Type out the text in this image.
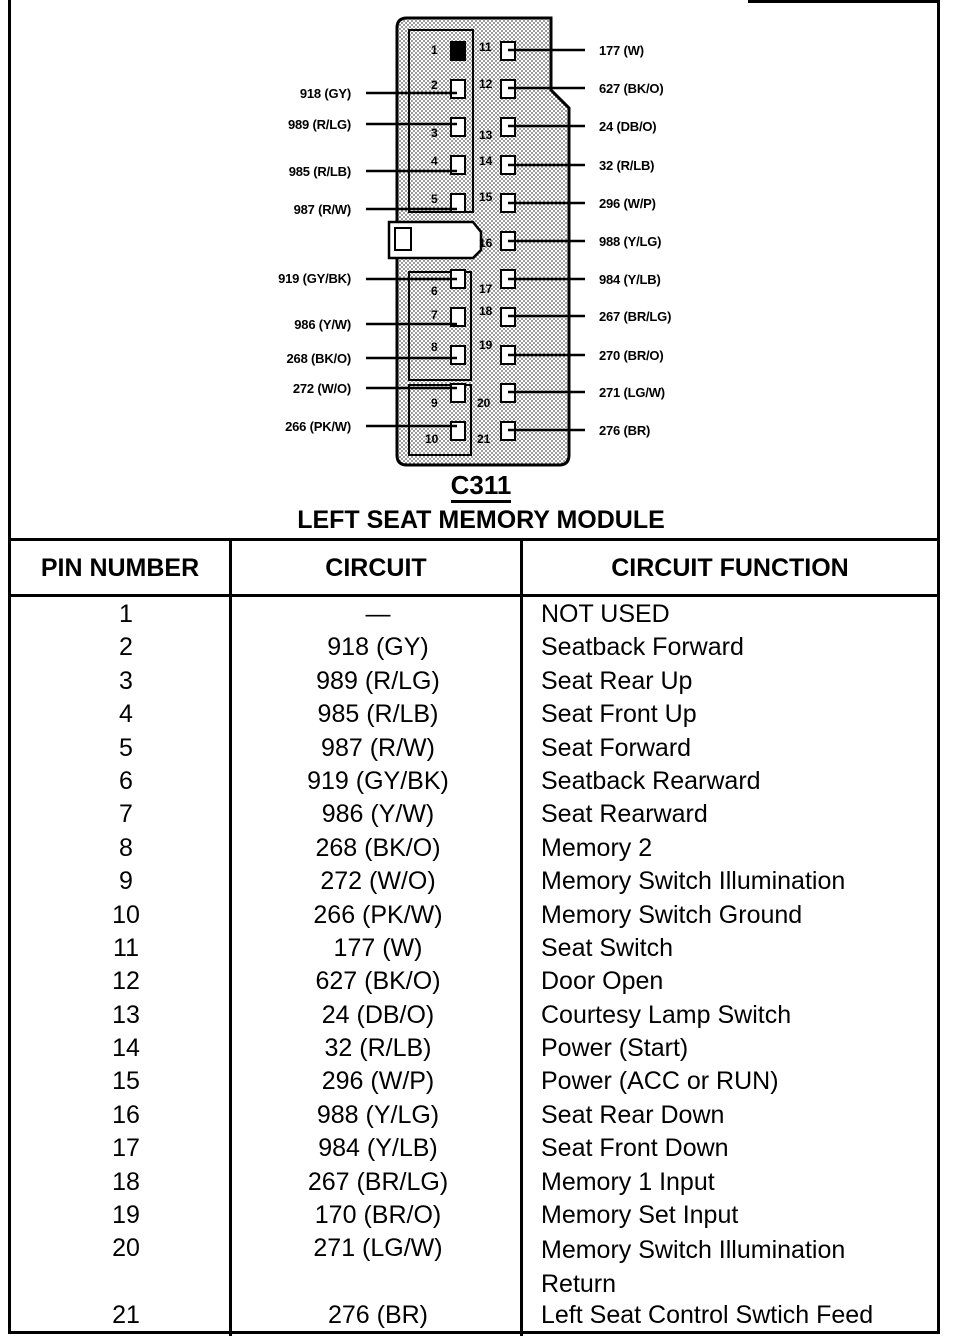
1
2
3
4
5
6
7
8
9
10
11
12
13
14
15
16
17
18
19
20
21
918 (GY)
989 (R/LG)
985 (R/LB)
987 (R/W)
919 (GY/BK)
986 (Y/W)
268 (BK/O)
272 (W/O)
266 (PK/W)
177 (W)
627 (BK/O)
24 (DB/O)
32 (R/LB)
296 (W/P)
988 (Y/LG)
984 (Y/LB)
267 (BR/LG)
270 (BR/O)
271 (LG/W)
276 (BR)
C311
LEFT SEAT MEMORY MODULE
PIN NUMBER	CIRCUIT	CIRCUIT FUNCTION
1	—	NOT USED
2	918 (GY)	Seatback Forward
3	989 (R/LG)	Seat Rear Up
4	985 (R/LB)	Seat Front Up
5	987 (R/W)	Seat Forward
6	919 (GY/BK)	Seatback Rearward
7	986 (Y/W)	Seat Rearward
8	268 (BK/O)	Memory 2
9	272 (W/O)	Memory Switch Illumination
10	266 (PK/W)	Memory Switch Ground
11	177 (W)	Seat Switch
12	627 (BK/O)	Door Open
13	24 (DB/O)	Courtesy Lamp Switch
14	32 (R/LB)	Power (Start)
15	296 (W/P)	Power (ACC or RUN)
16	988 (Y/LG)	Seat Rear Down
17	984 (Y/LB)	Seat Front Down
18	267 (BR/LG)	Memory 1 Input
19	170 (BR/O)	Memory Set Input
20	271 (LG/W)	Memory Switch Illumination Return
21	276 (BR)	Left Seat Control Swtich Feed
